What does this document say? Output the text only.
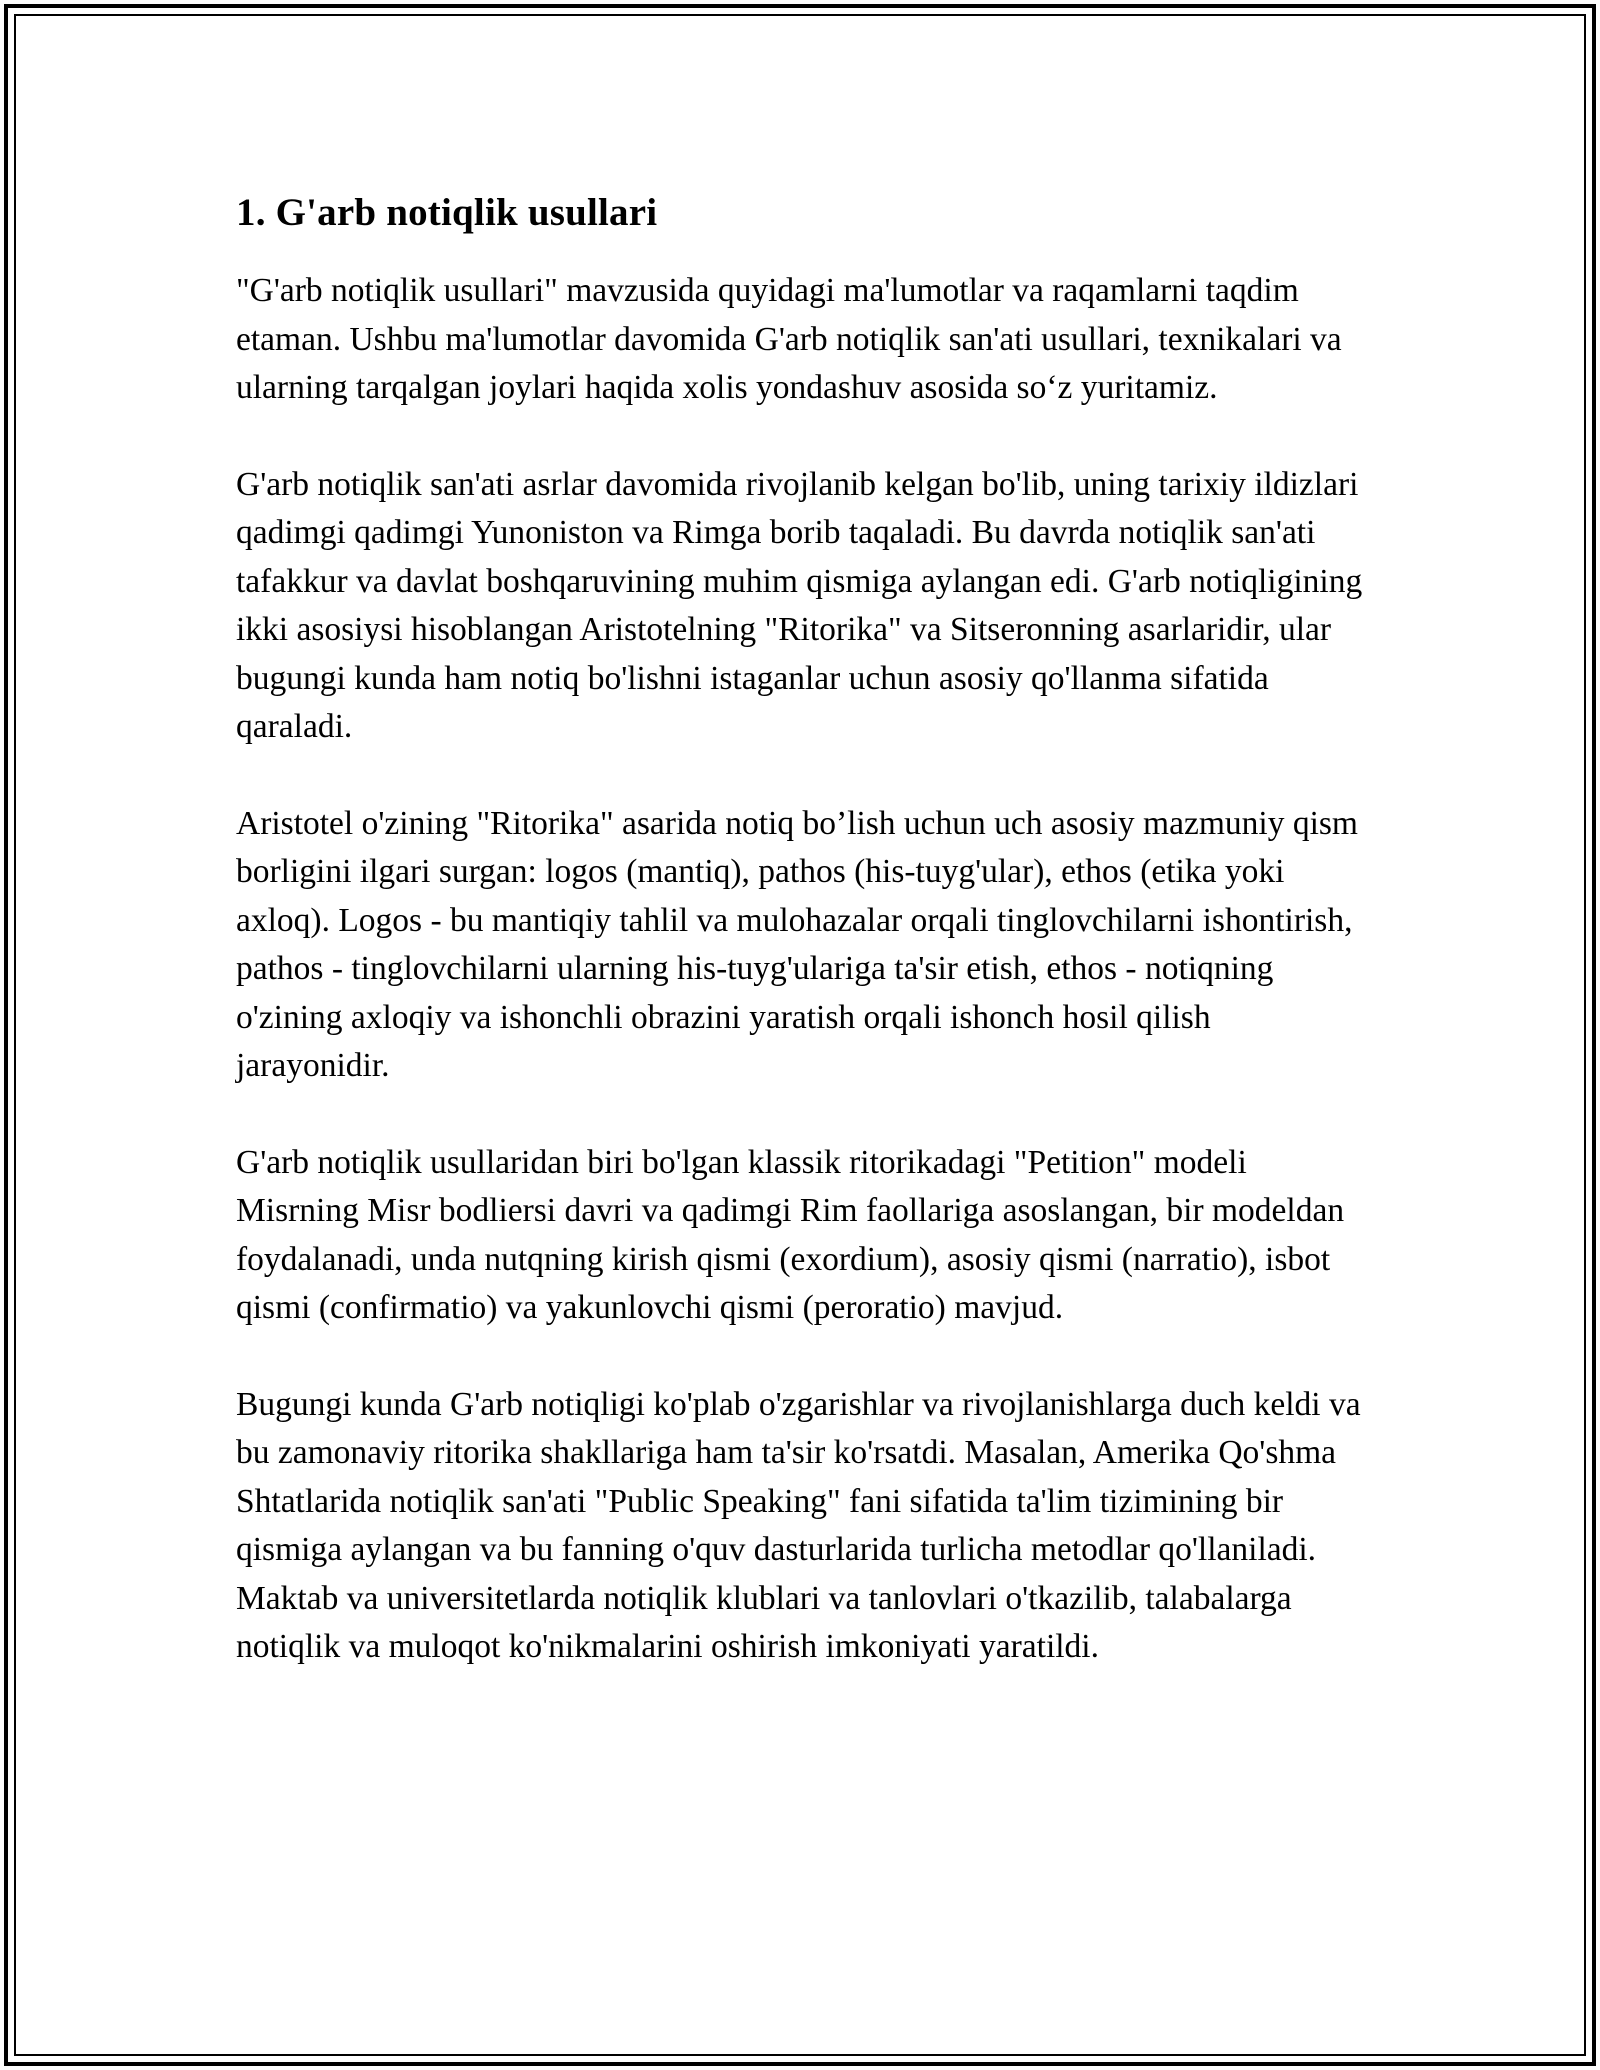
1. G'arb notiqlik usullari

"G'arb notiqlik usullari" mavzusida quyidagi ma'lumotlar va raqamlarni taqdim etaman. Ushbu ma'lumotlar davomida G'arb notiqlik san'ati usullari, texnikalari va ularning tarqalgan joylari haqida xolis yondashuv asosida so‘z yuritamiz.

G'arb notiqlik san'ati asrlar davomida rivojlanib kelgan bo'lib, uning tarixiy ildizlari qadimgi qadimgi Yunoniston va Rimga borib taqaladi. Bu davrda notiqlik san'ati tafakkur va davlat boshqaruvining muhim qismiga aylangan edi. G'arb notiqligining ikki asosiysi hisoblangan Aristotelning "Ritorika" va Sitseronning asarlaridir, ular bugungi kunda ham notiq bo'lishni istaganlar uchun asosiy qo'llanma sifatida qaraladi.

Aristotel o'zining "Ritorika" asarida notiq bo’lish uchun uch asosiy mazmuniy qism borligini ilgari surgan: logos (mantiq), pathos (his-tuyg'ular), ethos (etika yoki axloq). Logos - bu mantiqiy tahlil va mulohazalar orqali tinglovchilarni ishontirish, pathos - tinglovchilarni ularning his-tuyg'ulariga ta'sir etish, ethos - notiqning o'zining axloqiy va ishonchli obrazini yaratish orqali ishonch hosil qilish jarayonidir.

G'arb notiqlik usullaridan biri bo'lgan klassik ritorikadagi "Petition" modeli Misrning Misr bodliersi davri va qadimgi Rim faollariga asoslangan, bir modeldan foydalanadi, unda nutqning kirish qismi (exordium), asosiy qismi (narratio), isbot qismi (confirmatio) va yakunlovchi qismi (peroratio) mavjud.

Bugungi kunda G'arb notiqligi ko'plab o'zgarishlar va rivojlanishlarga duch keldi va bu zamonaviy ritorika shakllariga ham ta'sir ko'rsatdi. Masalan, Amerika Qo'shma Shtatlarida notiqlik san'ati "Public Speaking" fani sifatida ta'lim tizimining bir qismiga aylangan va bu fanning o'quv dasturlarida turlicha metodlar qo'llaniladi. Maktab va universitetlarda notiqlik klublari va tanlovlari o'tkazilib, talabalarga notiqlik va muloqot ko'nikmalarini oshirish imkoniyati yaratildi.
